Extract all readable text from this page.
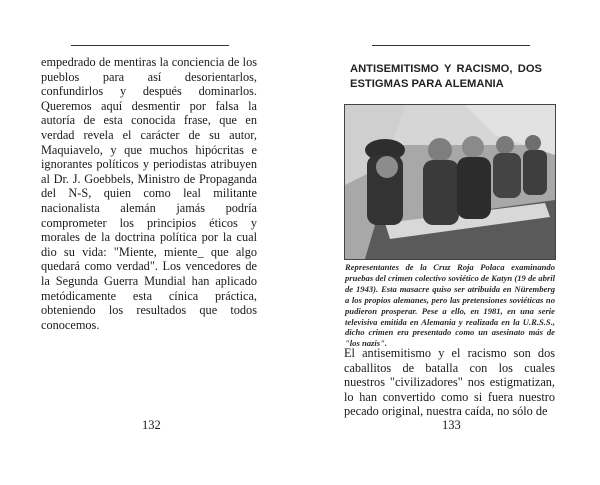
empedrado de mentiras la conciencia de los pueblos para así desorientarlos, confundirlos y después dominarlos. Queremos aquí desmentir por falsa la autoría de esta conocida frase, que en verdad revela el carácter de su autor, Maquiavelo, y que muchos hipócritas e ignorantes políticos y periodistas atribuyen al Dr. J. Goebbels, Ministro de Propaganda del N-S, quien como leal militante nacionalista alemán jamás podría comprometer los principios éticos y morales de la doctrina política por la cual dio su vida: "Miente, miente_ que algo quedará como verdad". Los vencedores de la Segunda Guerra Mundial han aplicado metódicamente esta cínica práctica, obteniendo los resultados que todos conocemos.

132

ANTISEMITISMO Y RACISMO, DOS ESTIGMAS PARA ALEMANIA

Representantes de la Cruz Roja Polaca examinando pruebas del crimen colectivo soviético de Katyn (19 de abril de 1943). Esta masacre quiso ser atribuida en Nüremberg a los propios alemanes, pero las pretensiones soviéticas no pudieron prosperar. Pese a ello, en 1981, en una serie televisiva emitida en Alemania y realizada en la U.R.S.S., dicho crimen era presentado como un asesinato más de "los nazis".

El antisemitismo y el racismo son dos caballitos de batalla con los cuales nuestros "civilizadores" nos estigmatizan, lo han convertido como si fuera nuestro pecado original, nuestra caída, no sólo de

133
